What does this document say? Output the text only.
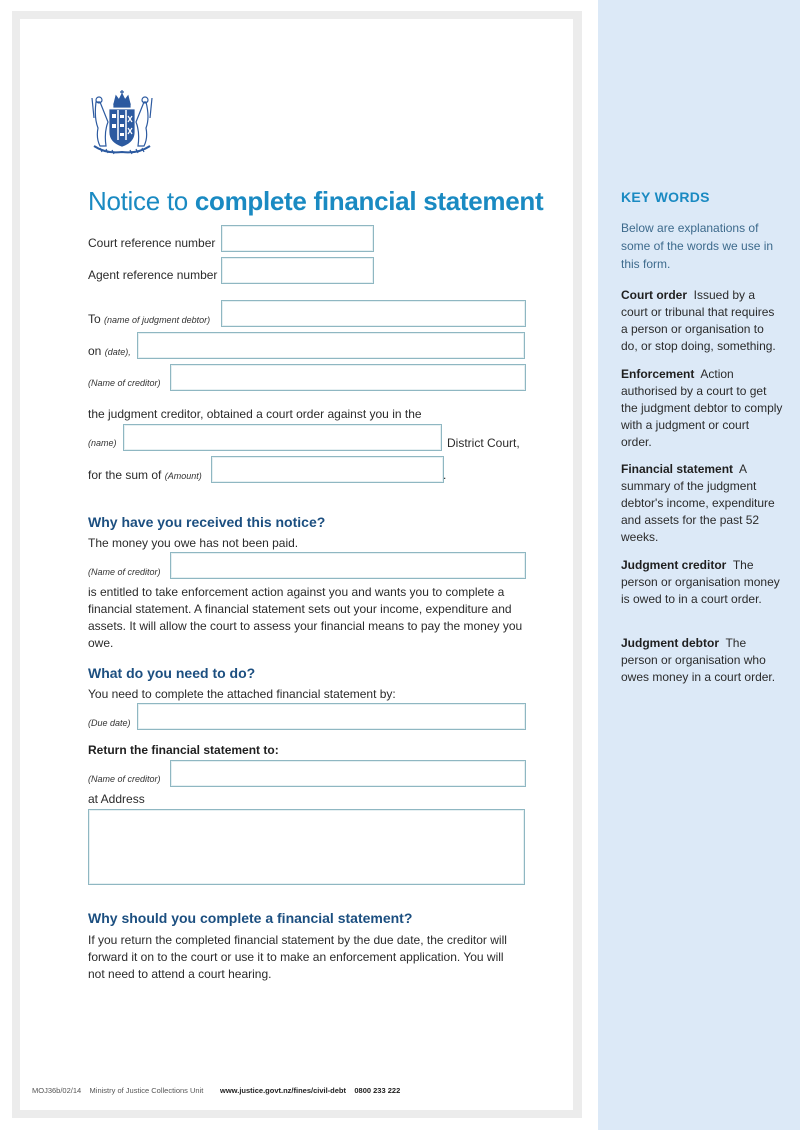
Notice to complete financial statement
Court reference number
Agent reference number
To (name of judgment debtor)
on (date),
(Name of creditor)
the judgment creditor, obtained a court order against you in the
(name)	District Court,
for the sum of (Amount)	.
Why have you received this notice?
The money you owe has not been paid.
(Name of creditor)
is entitled to take enforcement action against you and wants you to complete a financial statement. A financial statement sets out your income, expenditure and assets. It will allow the court to assess your financial means to pay the money you owe.
What do you need to do?
You need to complete the attached financial statement by:
(Due date)
Return the financial statement to:
(Name of creditor)
at Address
Why should you complete a financial statement?
If you return the completed financial statement by the due date, the creditor will forward it on to the court or use it to make an enforcement application. You will not need to attend a court hearing.
MOJ36b/02/14 Ministry of Justice Collections Unit www.justice.govt.nz/fines/civil-debt 0800 233 222
KEY WORDS
Below are explanations of some of the words we use in this form.
Court order Issued by a court or tribunal that requires a person or organisation to do, or stop doing, something.
Enforcement Action authorised by a court to get the judgment debtor to comply with a judgment or court order.
Financial statement A summary of the judgment debtor's income, expenditure and assets for the past 52 weeks.
Judgment creditor The person or organisation money is owed to in a court order.
Judgment debtor The person or organisation who owes money in a court order.
